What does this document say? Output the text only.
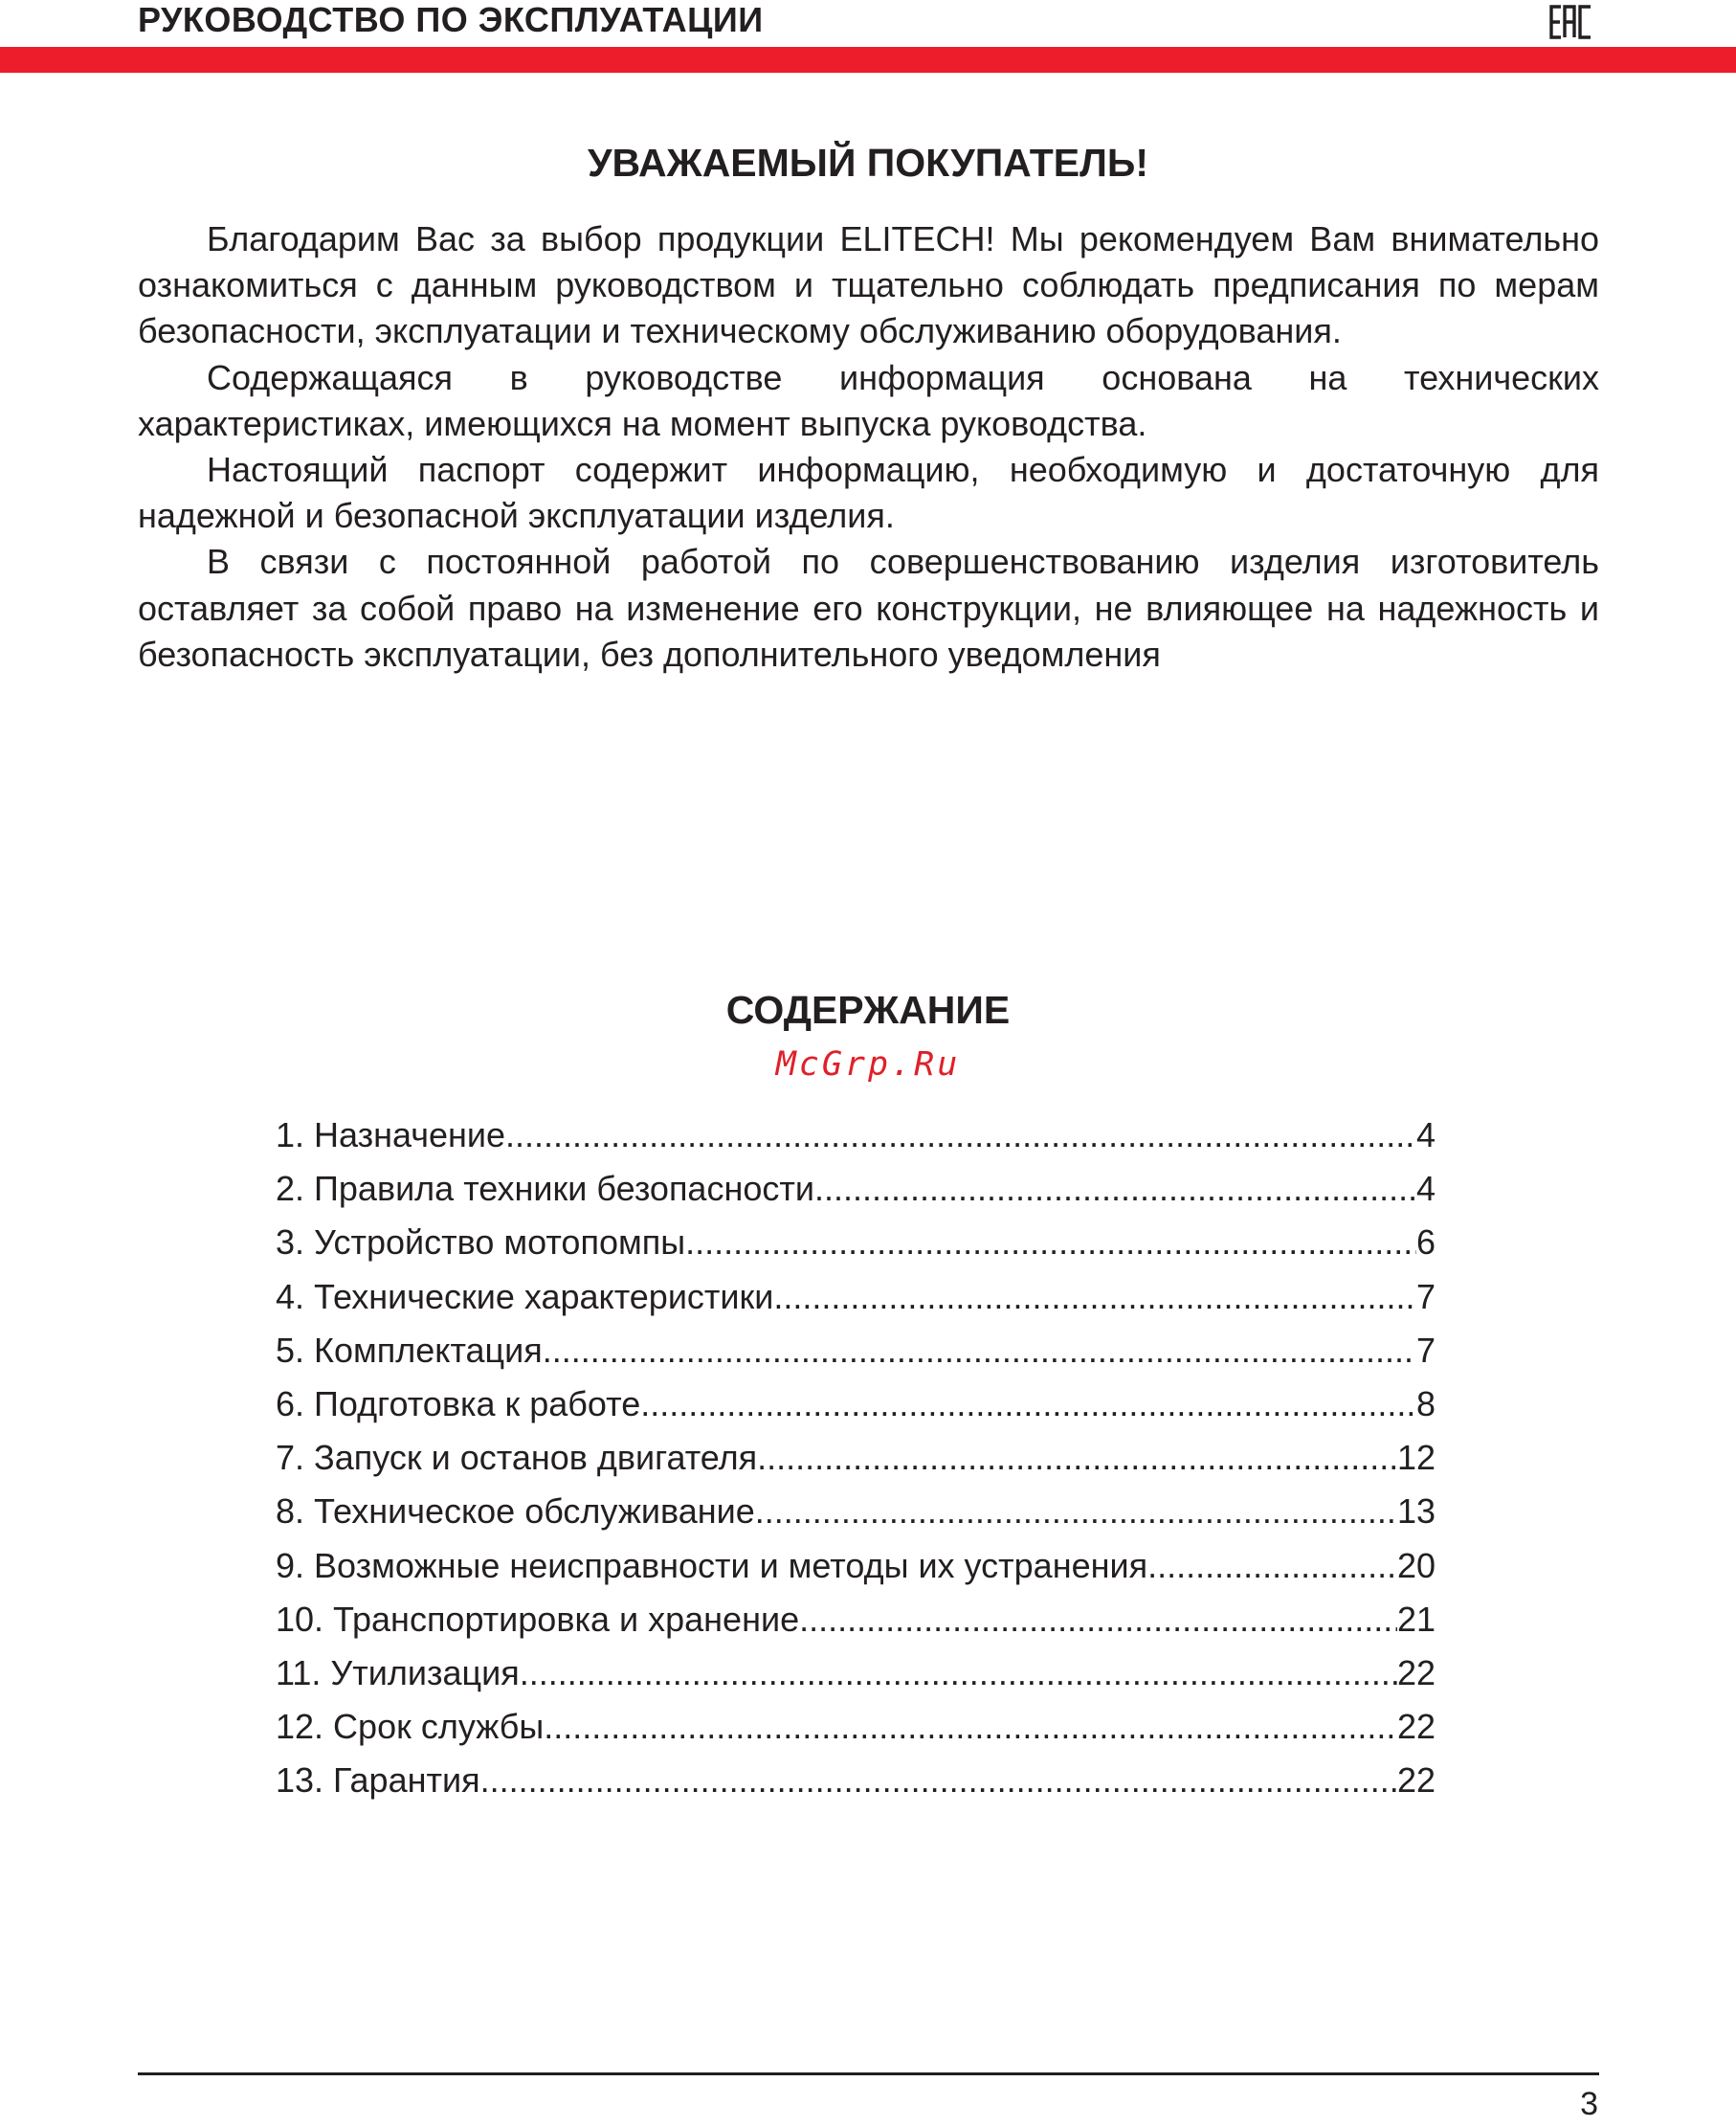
РУКОВОДСТВО ПО ЭКСПЛУАТАЦИИ
УВАЖАЕМЫЙ ПОКУПАТЕЛЬ!

Благодарим Вас за выбор продукции ELITECH! Мы рекомендуем Вам внимательно ознакомиться с данным руководством и тщательно соблюдать предписания по мерам безопасности, эксплуатации и техническому обслуживанию оборудования.

Содержащаяся в руководстве информация основана на технических характеристиках, имеющихся на момент выпуска руководства.

Настоящий паспорт содержит информацию, необходимую и достаточную для надежной и безопасной эксплуатации изделия.

В связи с постоянной работой по совершенствованию изделия изготовитель оставляет за собой право на изменение его конструкции, не влияющее на надежность и безопасность эксплуатации, без дополнительного уведомления

СОДЕРЖАНИЕ
McGrp.Ru
1. Назначение .....	4
2. Правила техники безопасности .....	4
3. Устройство мотопомпы .....	6
4. Технические характеристики .....	7
5. Комплектация .....	7
6. Подготовка к работе .....	8
7. Запуск и останов двигателя .....	12
8. Техническое обслуживание .....	13
9. Возможные неисправности и методы их устранения .....	20
10. Транспортировка и хранение .....	21
11. Утилизация .....	22
12. Срок службы .....	22
13. Гарантия .....	22
3
